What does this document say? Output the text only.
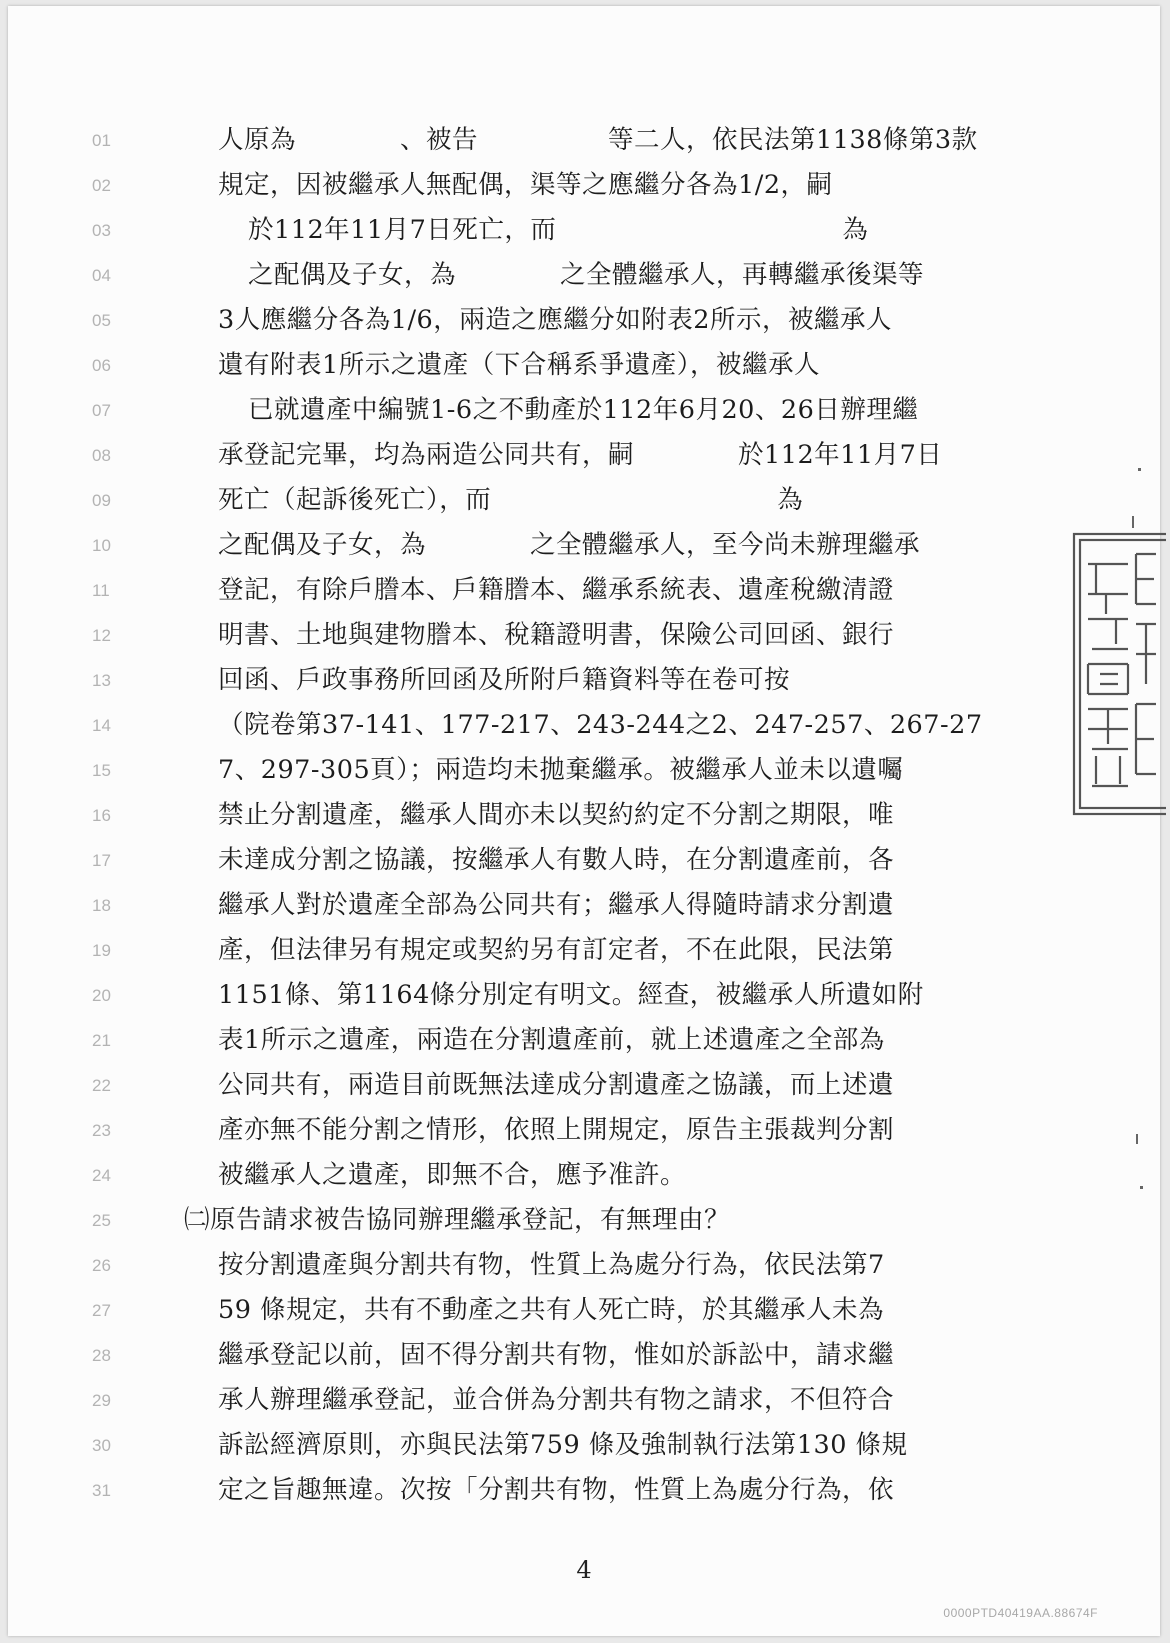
01	人原為　　　　、被告　　　　　等二人，依民法第1138條第3款
02	規定，因被繼承人無配偶，渠等之應繼分各為1/2，嗣
03	於112年11月7日死亡，而　　　　　　　　　　　為
04	之配偶及子女，為　　　　之全體繼承人，再轉繼承後渠等
05	3人應繼分各為1/6，兩造之應繼分如附表2所示，被繼承人
06	遺有附表1所示之遺產（下合稱系爭遺產），被繼承人
07	已就遺產中編號1-6之不動產於112年6月20、26日辦理繼
08	承登記完畢，均為兩造公同共有，嗣　　　　於112年11月7日
09	死亡（起訴後死亡），而　　　　　　　　　　　為
10	之配偶及子女，為　　　　之全體繼承人，至今尚未辦理繼承
11	登記，有除戶謄本、戶籍謄本、繼承系統表、遺產稅繳清證
12	明書、土地與建物謄本、稅籍證明書，保險公司回函、銀行
13	回函、戶政事務所回函及所附戶籍資料等在卷可按
14	（院卷第37-141、177-217、243-244之2、247-257、267-27
15	7、297-305頁）；兩造均未拋棄繼承。被繼承人並未以遺囑
16	禁止分割遺產，繼承人間亦未以契約約定不分割之期限，唯
17	未達成分割之協議，按繼承人有數人時，在分割遺產前，各
18	繼承人對於遺產全部為公同共有；繼承人得隨時請求分割遺
19	產，但法律另有規定或契約另有訂定者，不在此限，民法第
20	1151條、第1164條分別定有明文。經查，被繼承人所遺如附
21	表1所示之遺產，兩造在分割遺產前，就上述遺產之全部為
22	公同共有，兩造目前既無法達成分割遺產之協議，而上述遺
23	產亦無不能分割之情形，依照上開規定，原告主張裁判分割
24	被繼承人之遺產，即無不合，應予准許。
25	㈡原告請求被告協同辦理繼承登記，有無理由？
26	按分割遺產與分割共有物，性質上為處分行為，依民法第7
27	59 條規定，共有不動產之共有人死亡時，於其繼承人未為
28	繼承登記以前，固不得分割共有物，惟如於訴訟中，請求繼
29	承人辦理繼承登記，並合併為分割共有物之請求，不但符合
30	訴訟經濟原則，亦與民法第759 條及強制執行法第130 條規
31	定之旨趣無違。次按「分割共有物，性質上為處分行為，依
4
0000PTD40419AA.88674F
